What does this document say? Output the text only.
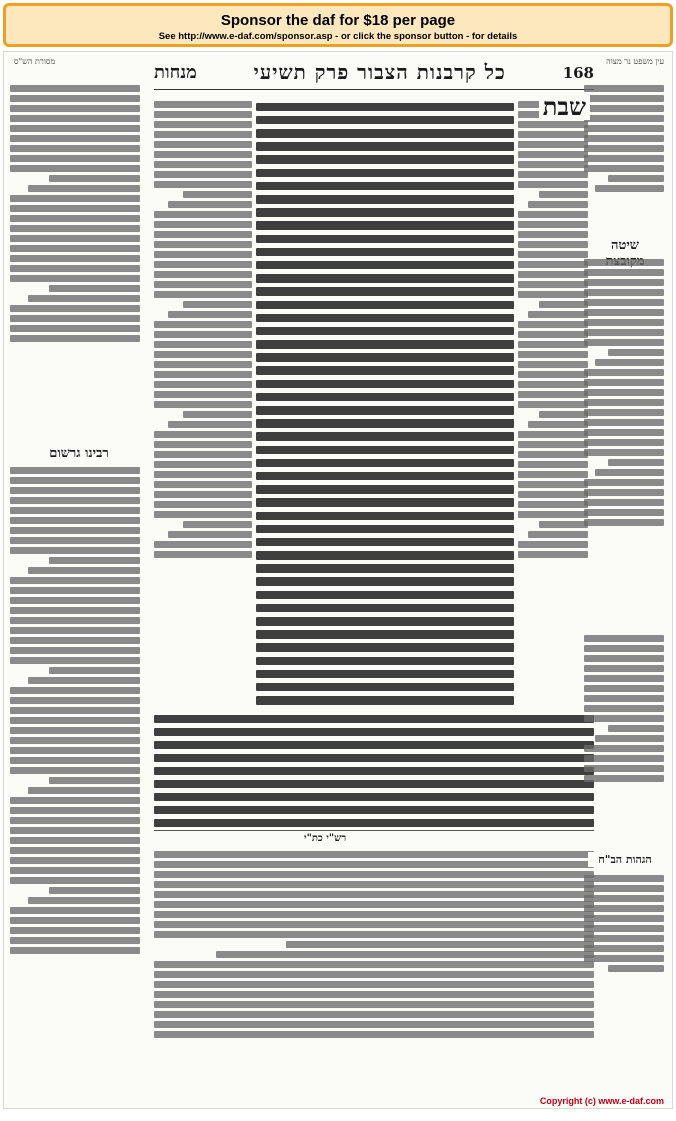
Sponsor the daf for $18 per page
See http://www.e-daf.com/sponsor.asp - or click the sponsor button - for details
מסורת הש"ס	עין משפט נר מצוה
168
כל קרבנות הצבור פרק תשיעי
מנחות
שיטה
רבינו גרשום
שבת
רש"י כת"י
הגהות הב"ח
Copyright (c) www.e-daf.com
